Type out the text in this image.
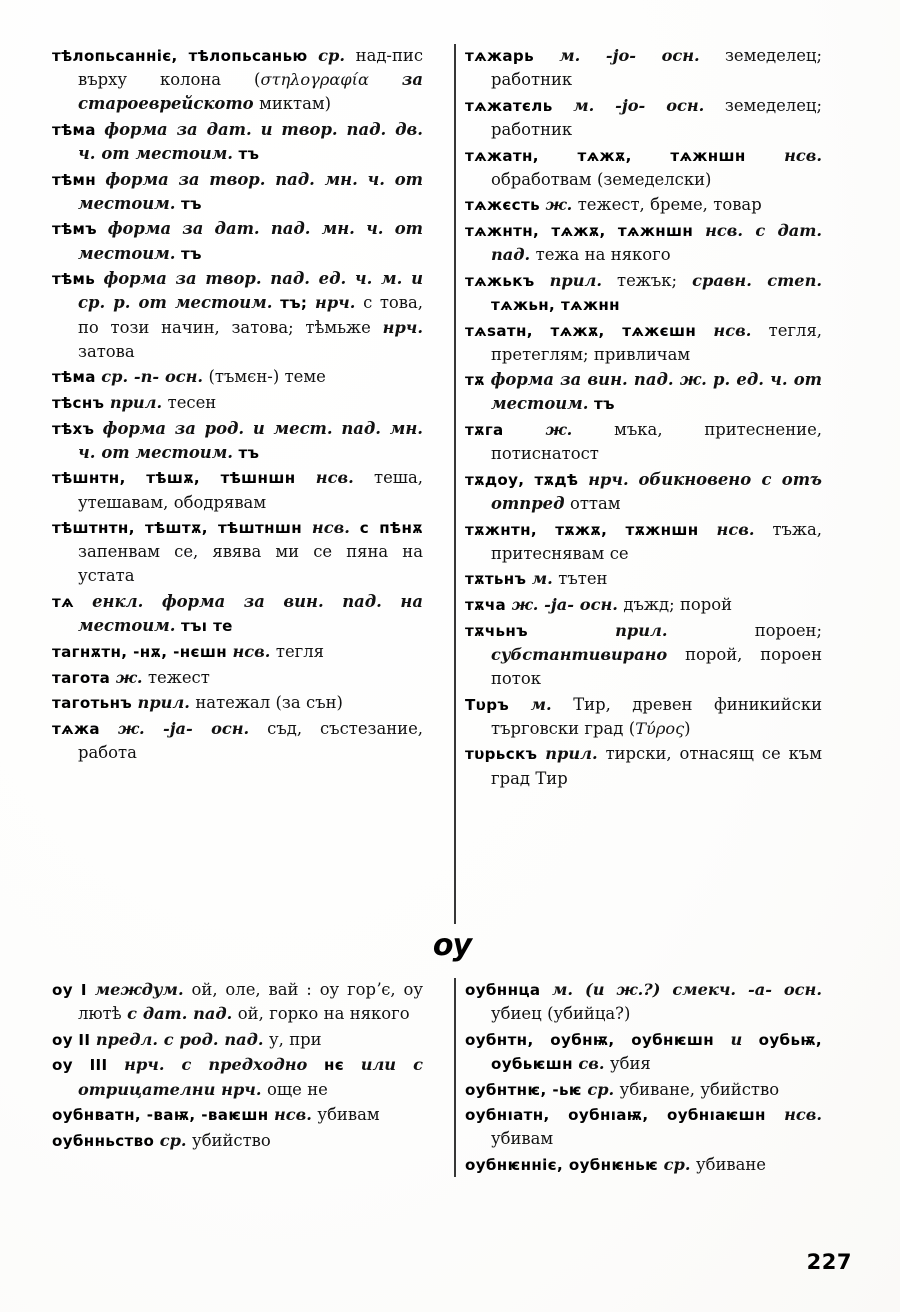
тѣлопьсанніє, тѣлопьсанью ср. над-пис върху колона (στηλογραφία за староеврейското миктам)

тѣма форма за дат. и твор. пад. дв. ч. от местоим. тъ

тѣмн форма за твор. пад. мн. ч. от местоим. тъ

тѣмъ форма за дат. пад. мн. ч. от местоим. тъ

тѣмь форма за твор. пад. ед. ч. м. и ср. р. от местоим. тъ; нрч. с това, по този начин, затова; тѣмьже нрч. затова

тѣма ср. -n- осн. (тъмєн-) теме

тѣснъ прил. тесен

тѣхъ форма за род. и мест. пад. мн. ч. от местоим. тъ

тѣшнтн, тѣшѫ, тѣшншн нсв. теша, утешавам, ободрявам

тѣштнтн, тѣштѫ, тѣштншн нсв. с пѣнѫ запенвам се, явява ми се пяна на устата

тѧ енкл. форма за вин. пад. на местоим. тъı те

тагнѫтн, -нѫ, -нєшн нсв. тегля

тагота ж. тежест

таготьнъ прил. натежал (за сън)

тѧжа ж. -ja- осн. съд, състезание, работа

тѧжарь м. -jo- осн. земеделец; работник

тѧжатєль м. -jo- осн. земеделец; работник

тѧжатн, тѧжѫ, тѧжншн нсв. обработвам (земеделски)

тѧжєсть ж. тежест, бреме, товар

тѧжнтн, тѧжѫ, тѧжншн нсв. с дат. пад. тежа на някого

тѧжькъ прил. тежък; сравн. степ. тѧжьн, тѧжнн

тѧѕатн, тѧжѫ, тѧжєшн нсв. тегля, претеглям; привличам

тѫ форма за вин. пад. ж. р. ед. ч. от местоим. тъ

тѫга	ж.	мъка, притеснение, потиснатост

тѫдоу, тѫдѣ нрч. обикновено с отъ отпред оттам

тѫжнтн, тѫжѫ, тѫжншн нсв. тъжа, притеснявам се

тѫтьнъ м. тътен

тѫча ж. -ja- осн. дъжд; порой

тѫчьнъ	прил.	пороен; субстантивирано порой, пороен поток

Tυръ м. Тир, древен финикийски търговски град (Τύρος)

тυрьскъ прил. тирски, отнасящ се към град Тир

оу

оу I междум. ой, оле, вай : оу горʼє, оу лютѣ с дат. пад. ой, горко на някого

оу II предл. с род. пад. у, при

оу III нрч. с предходно нє или с отрицателни нрч. още не

оубнватн, -ваѭ, -ваѥшн нсв. убивам

оубнньство ср. убийство

оубннца м. (и ж.?) смекч. -a- осн. убиец (убийца?)

оубнтн, оубнѭ, оубнѥшн и оубьѭ, оубьѥшн св. убия

оубнтнѥ, -ьѥ ср. убиване, убийство

оубнıатн, оубнıаѭ, оубнıаѥшн нсв. убивам

оубнѥнніє, оубнѥньѥ ср. убиване

227
